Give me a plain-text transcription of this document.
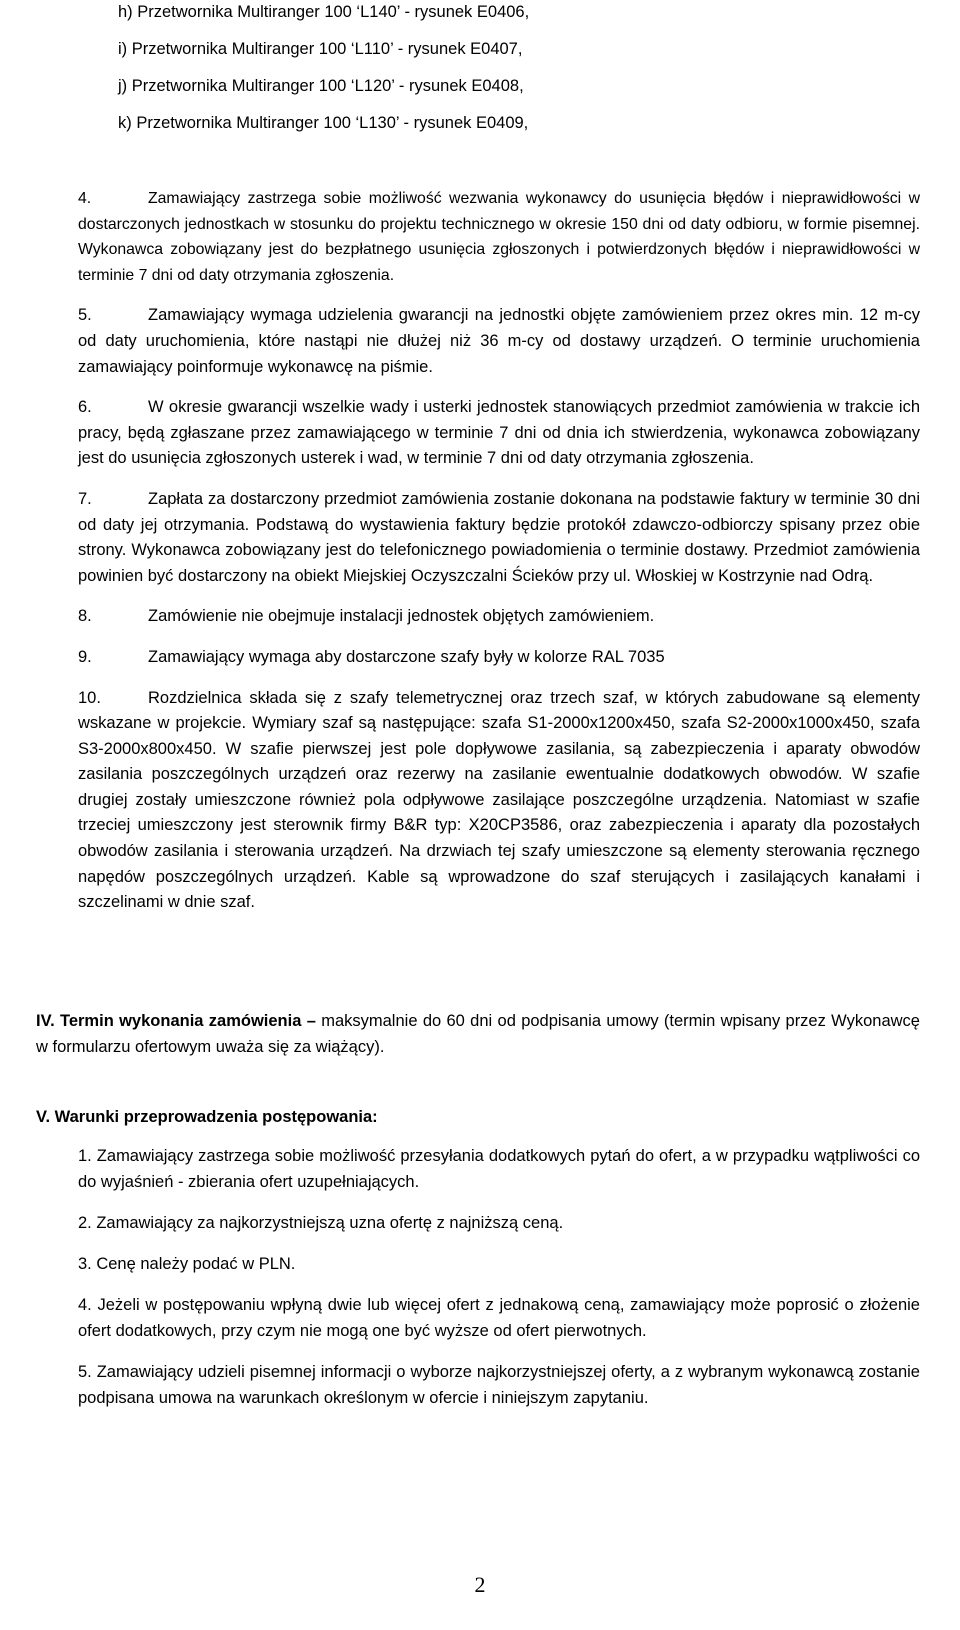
h) Przetwornika Multiranger 100 ‘L140’ - rysunek E0406,
i) Przetwornika Multiranger 100 ‘L110’ - rysunek E0407,
j) Przetwornika Multiranger 100 ‘L120’ - rysunek E0408,
k) Przetwornika Multiranger 100 ‘L130’ - rysunek E0409,
4.	Zamawiający zastrzega sobie możliwość wezwania wykonawcy do usunięcia błędów i nieprawidłowości w dostarczonych jednostkach w stosunku do projektu technicznego w okresie 150 dni od daty odbioru, w formie pisemnej. Wykonawca zobowiązany jest do bezpłatnego usunięcia zgłoszonych i potwierdzonych błędów i nieprawidłowości w terminie 7 dni od daty otrzymania zgłoszenia.
5.	Zamawiający wymaga udzielenia gwarancji na jednostki objęte zamówieniem przez okres min. 12 m-cy od daty uruchomienia, które nastąpi nie dłużej niż 36 m-cy od dostawy urządzeń. O terminie uruchomienia zamawiający poinformuje wykonawcę na piśmie.
6.	W okresie gwarancji wszelkie wady i usterki jednostek stanowiących przedmiot zamówienia w trakcie ich pracy, będą zgłaszane przez zamawiającego w terminie 7 dni od dnia ich stwierdzenia, wykonawca zobowiązany jest do usunięcia zgłoszonych usterek i wad, w terminie 7 dni od daty otrzymania zgłoszenia.
7.	Zapłata za dostarczony przedmiot zamówienia zostanie dokonana na podstawie faktury w terminie 30 dni od daty jej otrzymania. Podstawą do wystawienia faktury będzie protokół zdawczo-odbiorczy spisany przez obie strony. Wykonawca zobowiązany jest do telefonicznego powiadomienia o terminie dostawy. Przedmiot zamówienia powinien być dostarczony na obiekt Miejskiej Oczyszczalni Ścieków przy ul. Włoskiej w Kostrzynie nad Odrą.
8.	Zamówienie nie obejmuje instalacji jednostek objętych zamówieniem.
9.	Zamawiający wymaga aby dostarczone szafy były w kolorze RAL 7035
10.	Rozdzielnica składa się z szafy telemetrycznej oraz trzech szaf, w których zabudowane są elementy wskazane w projekcie. Wymiary szaf są następujące: szafa S1-2000x1200x450, szafa S2-2000x1000x450, szafa S3-2000x800x450. W szafie pierwszej jest pole dopływowe zasilania, są zabezpieczenia i aparaty obwodów zasilania poszczególnych urządzeń oraz rezerwy na zasilanie ewentualnie dodatkowych obwodów. W szafie drugiej zostały umieszczone również pola odpływowe zasilające poszczególne urządzenia. Natomiast w szafie trzeciej umieszczony jest sterownik firmy B&R typ: X20CP3586, oraz zabezpieczenia i aparaty dla pozostałych obwodów zasilania i sterowania urządzeń. Na drzwiach tej szafy umieszczone są elementy sterowania ręcznego napędów poszczególnych urządzeń. Kable są wprowadzone do szaf sterujących i zasilających kanałami i szczelinami w dnie szaf.
IV. Termin wykonania zamówienia – maksymalnie do 60 dni od podpisania umowy (termin wpisany przez Wykonawcę w formularzu ofertowym uważa się za wiążący).
V. Warunki przeprowadzenia postępowania:
1. Zamawiający zastrzega sobie możliwość przesyłania dodatkowych pytań do ofert, a w przypadku wątpliwości co do wyjaśnień - zbierania ofert uzupełniających.
2. Zamawiający za najkorzystniejszą uzna ofertę z najniższą ceną.
3. Cenę należy podać w PLN.
4. Jeżeli w postępowaniu wpłyną dwie lub więcej ofert z jednakową ceną, zamawiający może poprosić o złożenie ofert dodatkowych, przy czym nie mogą one być wyższe od ofert pierwotnych.
5. Zamawiający udzieli pisemnej informacji o wyborze najkorzystniejszej oferty, a z wybranym wykonawcą zostanie podpisana umowa na warunkach określonym w ofercie i niniejszym zapytaniu.
2
